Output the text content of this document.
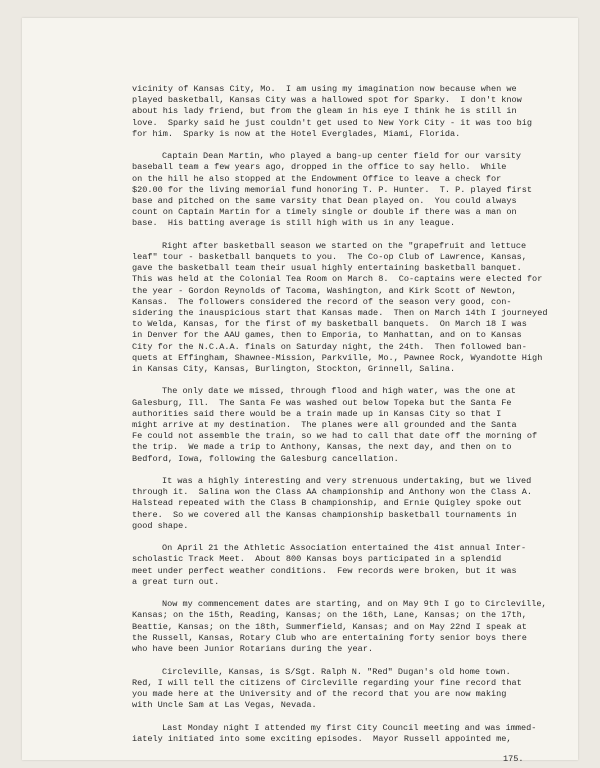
vicinity of Kansas City, Mo.  I am using my imagination now because when we
played basketball, Kansas City was a hallowed spot for Sparky.  I don't know
about his lady friend, but from the gleam in his eye I think he is still in
love.  Sparky said he just couldn't get used to New York City - it was too big
for him.  Sparky is now at the Hotel Everglades, Miami, Florida.
Captain Dean Martin, who played a bang-up center field for our varsity
baseball team a few years ago, dropped in the office to say hello.  While
on the hill he also stopped at the Endowment Office to leave a check for
$20.00 for the living memorial fund honoring T. P. Hunter.  T. P. played first
base and pitched on the same varsity that Dean played on.  You could always
count on Captain Martin for a timely single or double if there was a man on
base.  His batting average is still high with us in any league.
Right after basketball season we started on the "grapefruit and lettuce
leaf" tour - basketball banquets to you.  The Co-op Club of Lawrence, Kansas,
gave the basketball team their usual highly entertaining basketball banquet.
This was held at the Colonial Tea Room on March 8.  Co-captains were elected for
the year - Gordon Reynolds of Tacoma, Washington, and Kirk Scott of Newton,
Kansas.  The followers considered the record of the season very good, con-
sidering the inauspicious start that Kansas made.  Then on March 14th I journeyed
to Welda, Kansas, for the first of my basketball banquets.  On March 18 I was
in Denver for the AAU games, then to Emporia, to Manhattan, and on to Kansas
City for the N.C.A.A. finals on Saturday night, the 24th.  Then followed ban-
quets at Effingham, Shawnee-Mission, Parkville, Mo., Pawnee Rock, Wyandotte High
in Kansas City, Kansas, Burlington, Stockton, Grinnell, Salina.
The only date we missed, through flood and high water, was the one at
Galesburg, Ill.  The Santa Fe was washed out below Topeka but the Santa Fe
authorities said there would be a train made up in Kansas City so that I
might arrive at my destination.  The planes were all grounded and the Santa
Fe could not assemble the train, so we had to call that date off the morning of
the trip.  We made a trip to Anthony, Kansas, the next day, and then on to
Bedford, Iowa, following the Galesburg cancellation.
It was a highly interesting and very strenuous undertaking, but we lived
through it.  Salina won the Class AA championship and Anthony won the Class A.
Halstead repeated with the Class B championship, and Ernie Quigley spoke out
there.  So we covered all the Kansas championship basketball tournaments in
good shape.
On April 21 the Athletic Association entertained the 41st annual Inter-
scholastic Track Meet.  About 800 Kansas boys participated in a splendid
meet under perfect weather conditions.  Few records were broken, but it was
a great turn out.
Now my commencement dates are starting, and on May 9th I go to Circleville,
Kansas; on the 15th, Reading, Kansas; on the 16th, Lane, Kansas; on the 17th,
Beattie, Kansas; on the 18th, Summerfield, Kansas; and on May 22nd I speak at
the Russell, Kansas, Rotary Club who are entertaining forty senior boys there
who have been Junior Rotarians during the year.
Circleville, Kansas, is S/Sgt. Ralph N. "Red" Dugan's old home town.
Red, I will tell the citizens of Circleville regarding your fine record that
you made here at the University and of the record that you are now making
with Uncle Sam at Las Vegas, Nevada.
Last Monday night I attended my first City Council meeting and was immed-
iately initiated into some exciting episodes.  Mayor Russell appointed me,
175.
